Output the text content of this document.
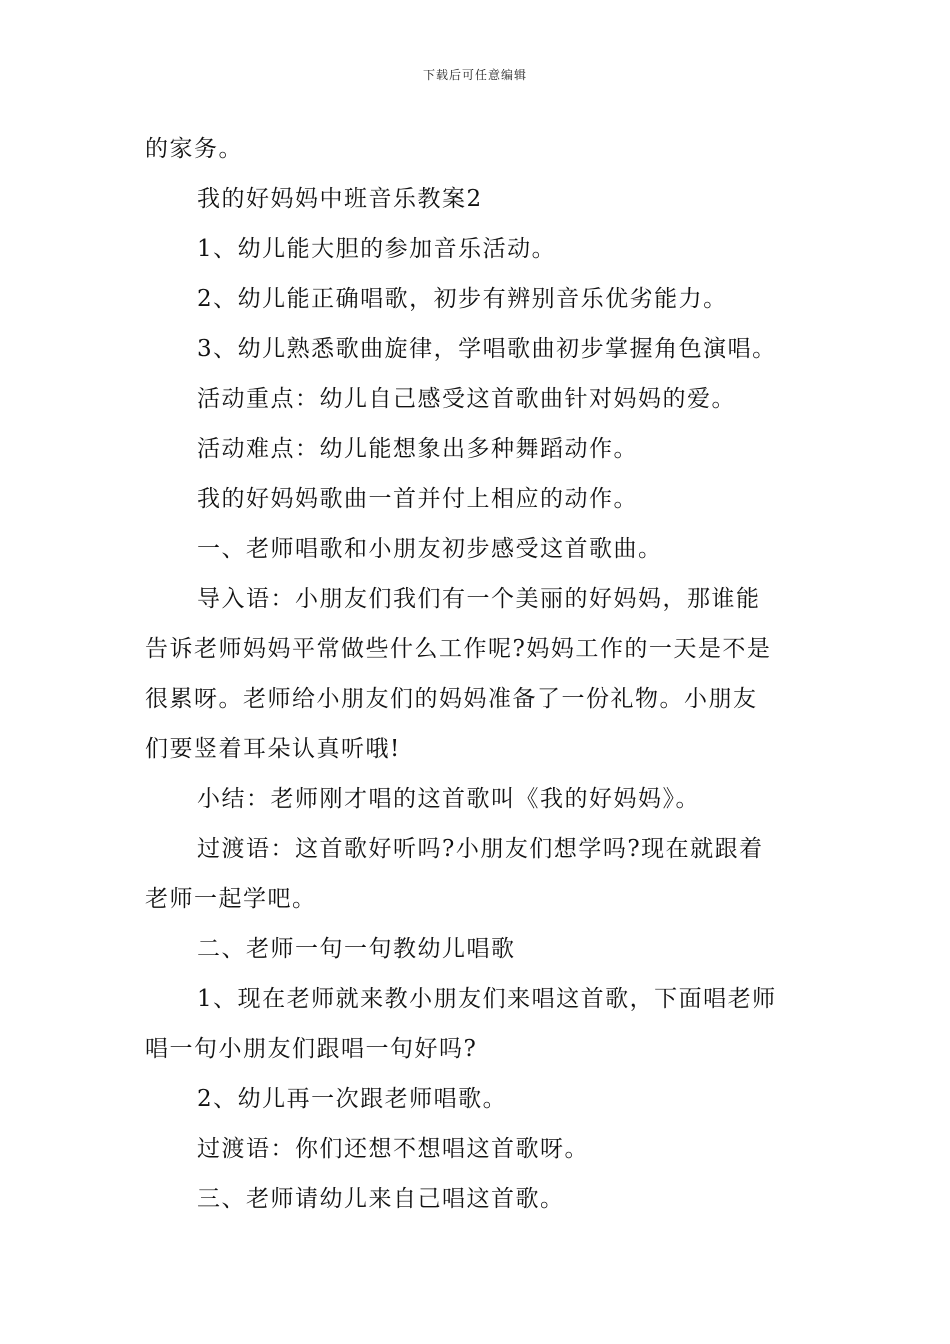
下载后可任意编辑
的家务。
我的好妈妈中班音乐教案2
1、幼儿能大胆的参加音乐活动。
2、幼儿能正确唱歌，初步有辨别音乐优劣能力。
3、幼儿熟悉歌曲旋律，学唱歌曲初步掌握角色演唱。
活动重点：幼儿自己感受这首歌曲针对妈妈的爱。
活动难点：幼儿能想象出多种舞蹈动作。
我的好妈妈歌曲一首并付上相应的动作。
一、老师唱歌和小朋友初步感受这首歌曲。
导入语：小朋友们我们有一个美丽的好妈妈，那谁能
告诉老师妈妈平常做些什么工作呢?妈妈工作的一天是不是
很累呀。老师给小朋友们的妈妈准备了一份礼物。小朋友
们要竖着耳朵认真听哦!
小结：老师刚才唱的这首歌叫《我的好妈妈》。
过渡语：这首歌好听吗?小朋友们想学吗?现在就跟着
老师一起学吧。
二、老师一句一句教幼儿唱歌
1、现在老师就来教小朋友们来唱这首歌，下面唱老师
唱一句小朋友们跟唱一句好吗?
2、幼儿再一次跟老师唱歌。
过渡语：你们还想不想唱这首歌呀。
三、老师请幼儿来自己唱这首歌。
